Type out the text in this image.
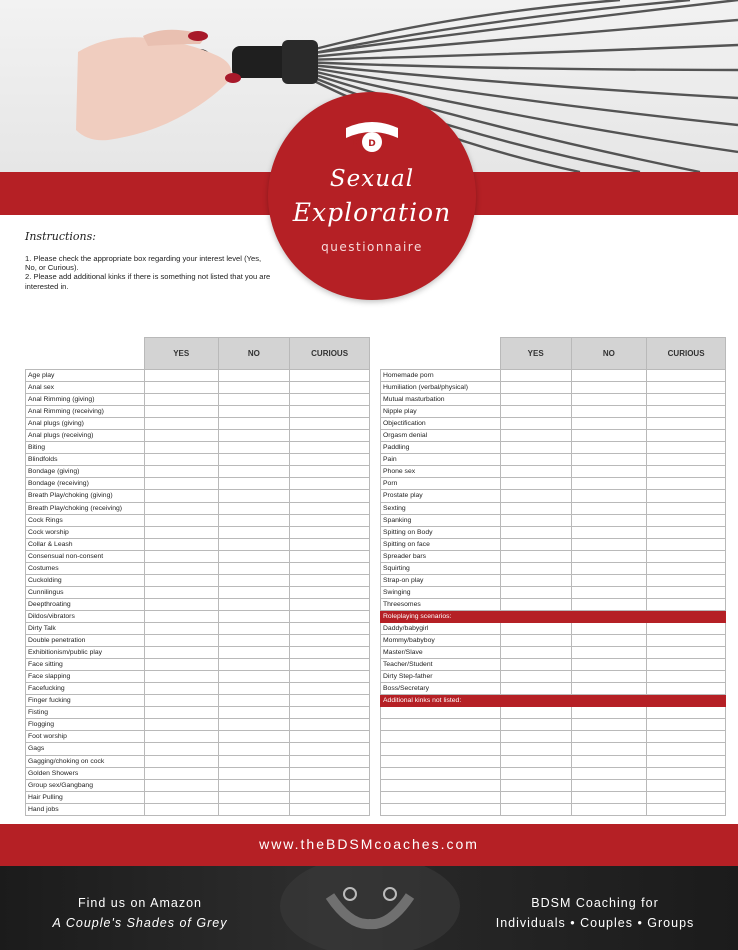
D
D	A
Sexual
Exploration
questionnaire
Instructions:
1. Please check the appropriate box regarding your interest level (Yes, No, or Curious).
2. Please add additional kinks if there is something not listed that you are interested in.
	YES	NO	CURIOUS
Age play			
Anal sex			
Anal Rimming (giving)			
Anal Rimming (receiving)			
Anal plugs (giving)			
Anal plugs (receiving)			
Biting			
Blindfolds			
Bondage (giving)			
Bondage (receiving)			
Breath Play/choking (giving)			
Breath Play/choking (receiving)			
Cock Rings			
Cock worship			
Collar & Leash			
Consensual non-consent			
Costumes			
Cuckolding			
Cunnilingus			
Deepthroating			
Dildos/vibrators			
Dirty Talk			
Double penetration			
Exhibitionism/public play			
Face sitting			
Face slapping			
Facefucking			
Finger fucking			
Fisting			
Flogging			
Foot worship			
Gags			
Gagging/choking on cock			
Golden Showers			
Group sex/Gangbang			
Hair Pulling			
Hand jobs			
	YES	NO	CURIOUS
Homemade porn			
Humiliation (verbal/physical)			
Mutual masturbation			
Nipple play			
Objectification			
Orgasm denial			
Paddling			
Pain			
Phone sex			
Porn			
Prostate play			
Sexting			
Spanking			
Spitting on Body			
Spitting on face			
Spreader bars			
Squirting			
Strap-on play			
Swinging			
Threesomes			
Roleplaying scenarios:			
Daddy/babygirl			
Mommy/babyboy			
Master/Slave			
Teacher/Student			
Dirty Step-father			
Boss/Secretary			
Additional kinks not listed:			

www.theBDSMcoaches.com
Find us on Amazon
A Couple's Shades of Grey
BDSM Coaching for
Individuals • Couples • Groups
